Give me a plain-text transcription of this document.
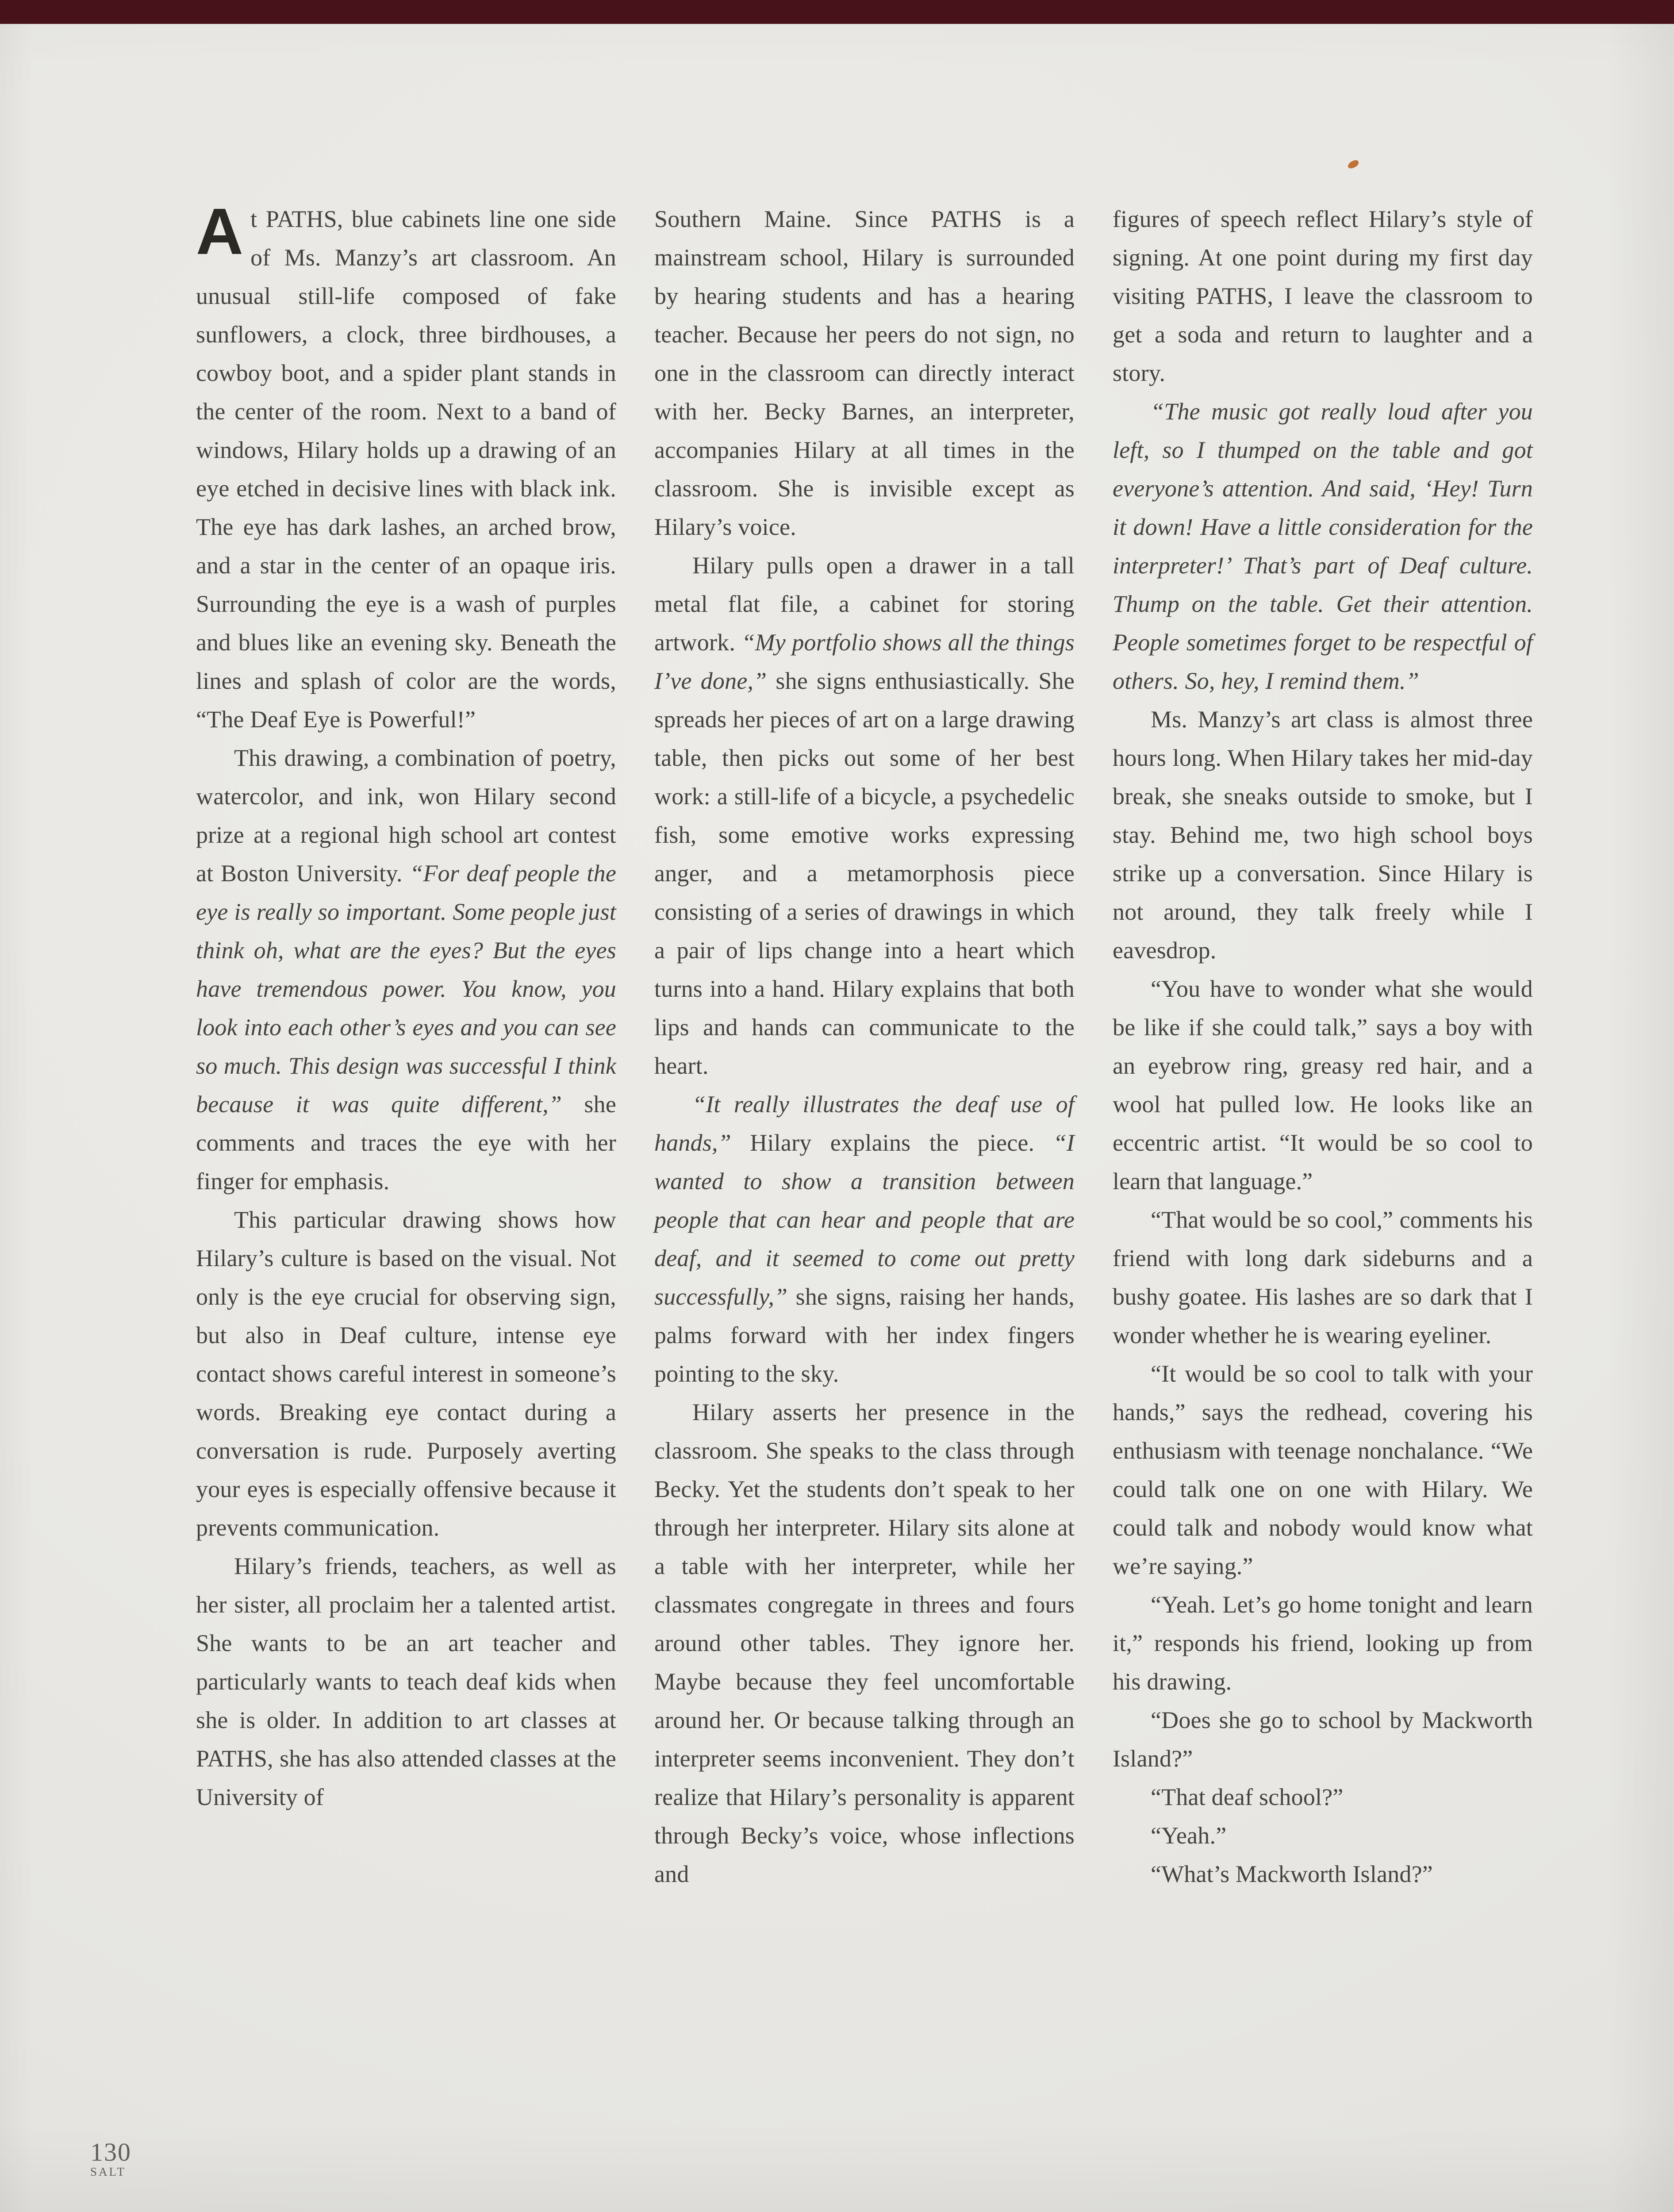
At PATHS, blue cabinets line one side of Ms. Manzy’s art classroom. An unusual still-life composed of fake sunflowers, a clock, three birdhouses, a cowboy boot, and a spider plant stands in the center of the room. Next to a band of windows, Hilary holds up a drawing of an eye etched in decisive lines with black ink. The eye has dark lashes, an arched brow, and a star in the center of an opaque iris. Surrounding the eye is a wash of purples and blues like an evening sky. Beneath the lines and splash of color are the words, “The Deaf Eye is Powerful!”

This drawing, a combination of poetry, watercolor, and ink, won Hilary second prize at a regional high school art contest at Boston University. “For deaf people the eye is really so important. Some people just think oh, what are the eyes? But the eyes have tremendous power. You know, you look into each other’s eyes and you can see so much. This design was successful I think because it was quite different,” she comments and traces the eye with her finger for emphasis.

This particular drawing shows how Hilary’s culture is based on the visual. Not only is the eye crucial for observing sign, but also in Deaf culture, intense eye contact shows careful interest in someone’s words. Breaking eye contact during a conversation is rude. Purposely averting your eyes is especially offensive because it prevents communication.

Hilary’s friends, teachers, as well as her sister, all proclaim her a talented artist. She wants to be an art teacher and particularly wants to teach deaf kids when she is older. In addition to art classes at PATHS, she has also attended classes at the University of

Southern Maine. Since PATHS is a mainstream school, Hilary is surrounded by hearing students and has a hearing teacher. Because her peers do not sign, no one in the classroom can directly interact with her. Becky Barnes, an interpreter, accompanies Hilary at all times in the classroom. She is invisible except as Hilary’s voice.

Hilary pulls open a drawer in a tall metal flat file, a cabinet for storing artwork. “My portfolio shows all the things I’ve done,” she signs enthusiastically. She spreads her pieces of art on a large drawing table, then picks out some of her best work: a still-life of a bicycle, a psychedelic fish, some emotive works expressing anger, and a metamorphosis piece consisting of a series of drawings in which a pair of lips change into a heart which turns into a hand. Hilary explains that both lips and hands can communicate to the heart.

“It really illustrates the deaf use of hands,” Hilary explains the piece. “I wanted to show a transition between people that can hear and people that are deaf, and it seemed to come out pretty successfully,” she signs, raising her hands, palms forward with her index fingers pointing to the sky.

Hilary asserts her presence in the classroom. She speaks to the class through Becky. Yet the students don’t speak to her through her interpreter. Hilary sits alone at a table with her interpreter, while her classmates congregate in threes and fours around other tables. They ignore her. Maybe because they feel uncomfortable around her. Or because talking through an interpreter seems inconvenient. They don’t realize that Hilary’s personality is apparent through Becky’s voice, whose inflections and

figures of speech reflect Hilary’s style of signing. At one point during my first day visiting PATHS, I leave the classroom to get a soda and return to laughter and a story.

“The music got really loud after you left, so I thumped on the table and got everyone’s attention. And said, ‘Hey! Turn it down! Have a little consideration for the interpreter!’ That’s part of Deaf culture. Thump on the table. Get their attention. People sometimes forget to be respectful of others. So, hey, I remind them.”

Ms. Manzy’s art class is almost three hours long. When Hilary takes her mid-day break, she sneaks outside to smoke, but I stay. Behind me, two high school boys strike up a conversation. Since Hilary is not around, they talk freely while I eavesdrop.

“You have to wonder what she would be like if she could talk,” says a boy with an eyebrow ring, greasy red hair, and a wool hat pulled low. He looks like an eccentric artist. “It would be so cool to learn that language.”

“That would be so cool,” comments his friend with long dark sideburns and a bushy goatee. His lashes are so dark that I wonder whether he is wearing eyeliner.

“It would be so cool to talk with your hands,” says the redhead, covering his enthusiasm with teenage nonchalance. “We could talk one on one with Hilary. We could talk and nobody would know what we’re saying.”

“Yeah. Let’s go home tonight and learn it,” responds his friend, looking up from his drawing.

“Does she go to school by Mackworth Island?”

“That deaf school?”

“Yeah.”

“What’s Mackworth Island?”

130
SALT
